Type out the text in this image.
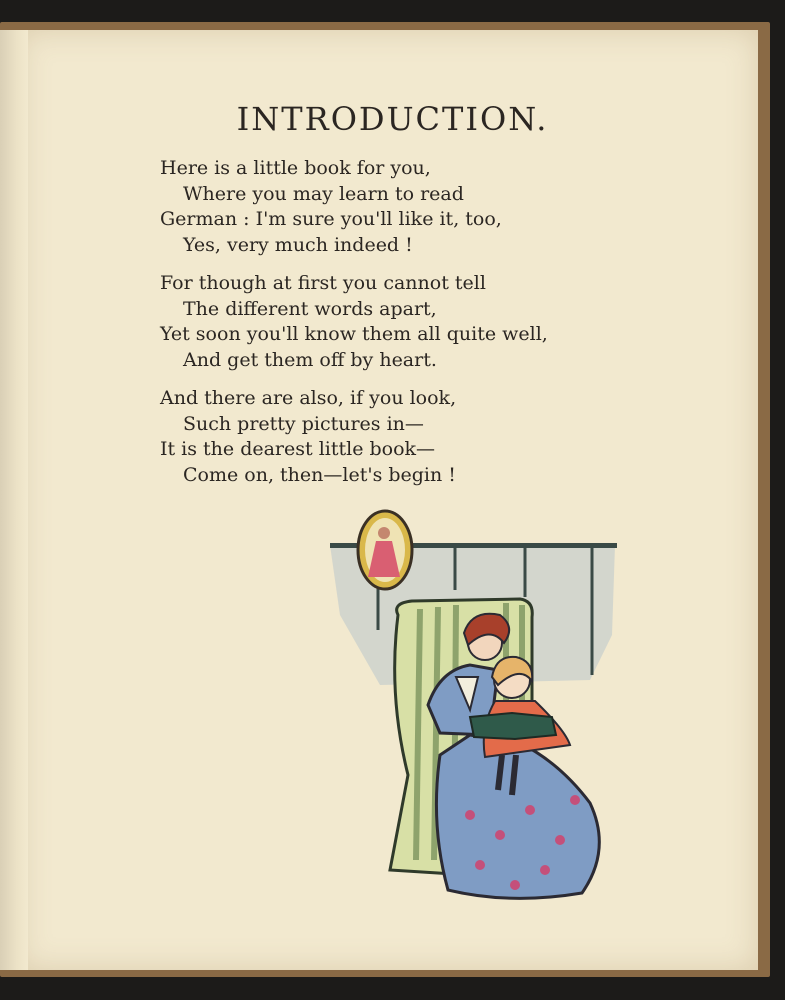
INTRODUCTION.
Here is a little book for you,
Where you may learn to read
German : I'm sure you'll like it, too,
Yes, very much indeed !
For though at first you cannot tell
The different words apart,
Yet soon you'll know them all quite well,
And get them off by heart.
And there are also, if you look,
Such pretty pictures in—
It is the dearest little book—
Come on, then—let's begin !
